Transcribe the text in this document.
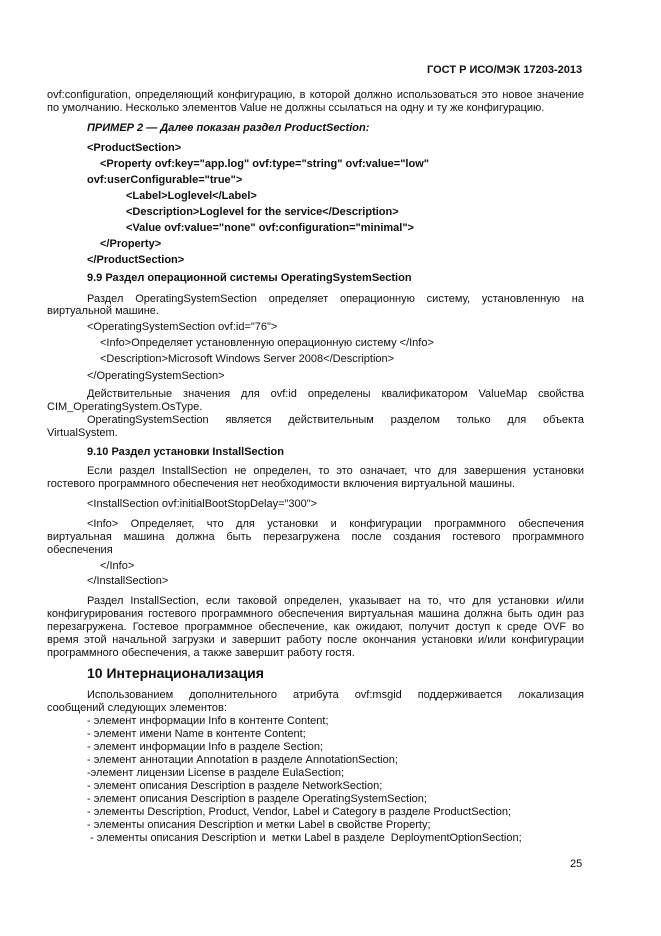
ГОСТ Р ИСО/МЭК 17203-2013
ovf:configuration, определяющий конфигурацию, в которой должно использоваться это новое значение
по умолчанию. Несколько элементов Value не должны ссылаться на одну и ту же конфигурацию.
ПРИМЕР 2 — Далее показан раздел ProductSection:
<ProductSection>
<Property ovf:key="app.log" ovf:type="string" ovf:value="low"
ovf:userConfigurable="true">
<Label>Loglevel</Label>
<Description>Loglevel for the service</Description>
<Value ovf:value="none" ovf:configuration="minimal">
</Property>
</ProductSection>
9.9 Раздел операционной системы OperatingSystemSection
Раздел OperatingSystemSection определяет операционную систему, установленную на
виртуальной машине.
<OperatingSystemSection ovf:id="76">
<Info>Определяет установленную операционную систему </Info>
<Description>Microsoft Windows Server 2008</Description>
</OperatingSystemSection>
Действительные значения для ovf:id определены квалификатором ValueMap свойства
CIM_OperatingSystem.OsType.
OperatingSystemSection является действительным разделом только для объекта
VirtualSystem.
9.10 Раздел установки InstallSection
Если раздел InstallSection не определен, то это означает, что для завершения установки
гостевого программного обеспечения нет необходимости включения виртуальной машины.
<InstallSection ovf:initialBootStopDelay="300">
<Info> Определяет, что для установки и конфигурации программного обеспечения
виртуальная машина должна быть перезагружена после создания гостевого программного
обеспечения
</Info>
</InstallSection>
Раздел InstallSection, если таковой определен, указывает на то, что для установки и/или
конфигурирования гостевого программного обеспечения виртуальная машина должна быть один раз
перезагружена. Гостевое программное обеспечение, как ожидают, получит доступ к среде OVF во
время этой начальной загрузки и завершит работу после окончания установки и/или конфигурации
программного обеспечения, а также завершит работу гостя.
10 Интернационализация
Использованием дополнительного атрибута ovf:msgid поддерживается локализация
сообщений следующих элементов:
- элемент информации Info в контенте Content;
- элемент имени Name в контенте Content;
- элемент информации Info в разделе Section;
- элемент аннотации Annotation в разделе AnnotationSection;
-элемент лицензии License в разделе EulaSection;
- элемент описания Description в разделе NetworkSection;
- элемент описания Description в разделе OperatingSystemSection;
- элементы Description, Product, Vendor, Label и Category в разделе ProductSection;
- элементы описания Description и метки Label в свойстве Property;
- элементы описания Description и  метки Label в разделе  DeploymentOptionSection;
25
